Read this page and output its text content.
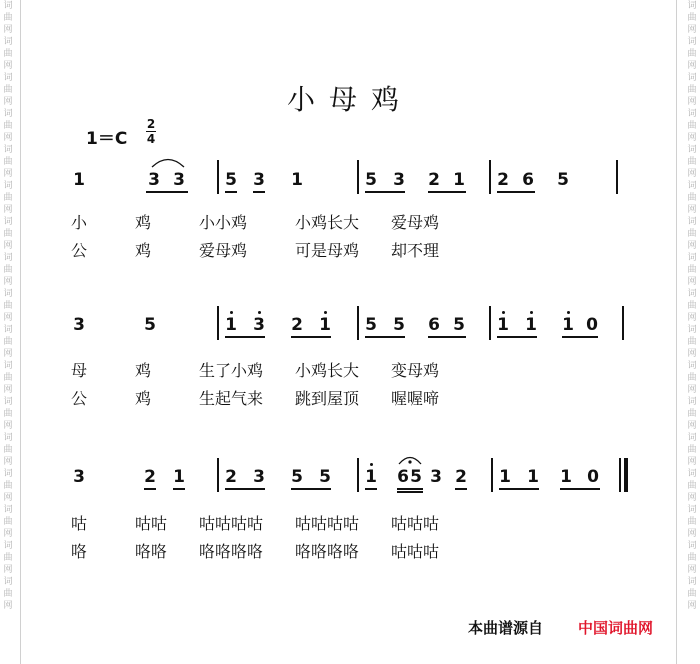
词曲网词曲网词曲网词曲网词曲网词曲网词曲网词曲网词曲网词曲网词曲网词曲网词曲网词曲网词曲网词曲网词曲网
词曲网词曲网词曲网词曲网词曲网词曲网词曲网词曲网词曲网词曲网词曲网词曲网词曲网词曲网词曲网词曲网词曲网
小母鸡
1＝C
2
4
1	3 3 5 3 1	5 3 2 1 2 6 5
小　　　鸡　　　小小鸡　　　小鸡长大　　爱母鸡
公　　　鸡　　　爱母鸡　　　可是母鸡　　却不理
3	5	1 3 2 1 5 5 6 5 1 1 1 0
母　　　鸡　　　生了小鸡　　小鸡长大　　变母鸡
公　　　鸡　　　生起气来　　跳到屋顶　　喔喔啼
3	2 1 2 3 5 5 1 6 5 3 2 1 1 1 0
咕　　　咕咕　　咕咕咕咕　　咕咕咕咕　　咕咕咕
咯　　　咯咯　　咯咯咯咯　　咯咯咯咯　　咕咕咕
本曲谱源自 中国词曲网
